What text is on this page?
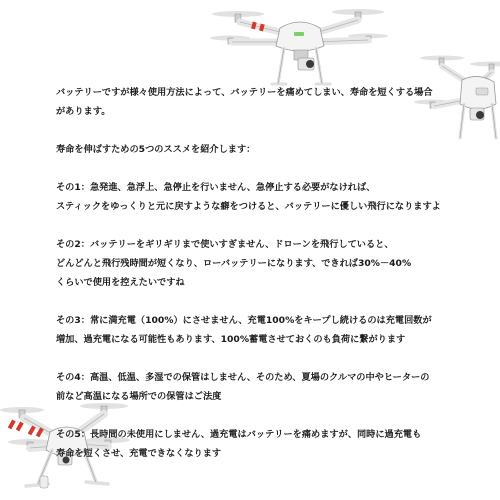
バッテリーですが様々使用方法によって、バッテリーを痛めてしまい、寿命を短くする場合

があります。

寿命を伸ばすための5つのススメを紹介します：

その1：急発進、急浮上、急停止を行いません、急停止する必要がなければ、

スティックをゆっくりと元に戻すような癖をつけると、バッテリーに優しい飛行になりますよ

その2：バッテリーをギリギリまで使いすぎません、ドローンを飛行していると、

どんどんと飛行残時間が短くなり、ローバッテリーになります、できれば30%－40%

くらいで使用を控えたいですね

その3：常に満充電（100%）にさせません、充電100%をキープし続けるのは充電回数が

増加、過充電になる可能性もあります、100%蓄電させておくのも負荷に繋がります

その4：高温、低温、多湿での保管はしません、そのため、夏場のクルマの中やヒーターの

前など高温になる場所での保管はご法度

その5：長時間の未使用にしません、過充電はバッテリーを痛めますが、同時に過充電も

寿命を短くさせ、充電できなくなります
